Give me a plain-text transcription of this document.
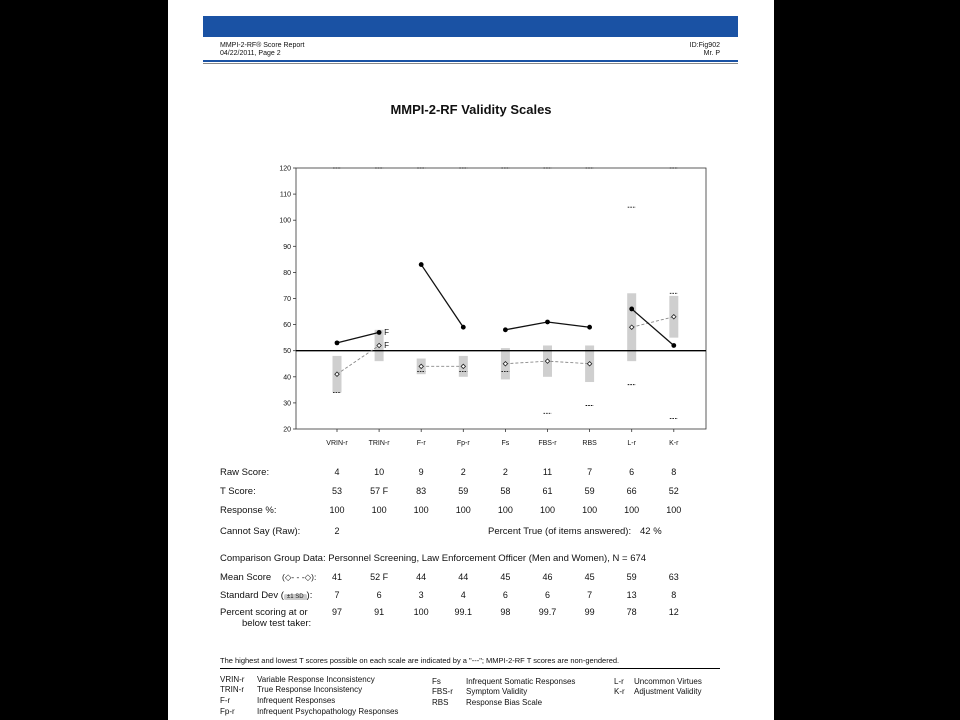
MMPI-2-RF® Score Report
04/22/2011, Page 2
ID:Fig902
Mr. P
MMPI-2-RF Validity Scales
20
30
40
50
60
70
80
90
100
110
120
VRIN-r	TRIN-r	F-r	Fp-r	Fs	FBS-r	RBS	L-r	K-r
F
F
Raw Score:	4	10	9	2	2	11	7	6	8
T Score:	53	57 F	83	59	58	61	59	66	52
Response %:	100	100	100	100	100	100	100	100	100
Cannot Say (Raw):	2	Percent True (of items answered): 42 %
Comparison Group Data: Personnel Screening, Law Enforcement Officer (Men and Women), N = 674
Mean Score (◇- - -◇):	41	52 F	44	44	45	46	45	59	63
Standard Dev ( ±1 SD ):	7	6	3	4	6	6	7	13	8
Percent scoring at or
below test taker:
97	91	100	99.1	98	99.7	99	78	12
The highest and lowest T scores possible on each scale are indicated by a "---"; MMPI-2-RF T scores are non-gendered.
VRIN-r Variable Response Inconsistency
TRIN-r True Response Inconsistency
F-r	Infrequent Responses
Fp-r	Infrequent Psychopathology Responses
Fs	Infrequent Somatic Responses
FBS-r Symptom Validity
RBS Response Bias Scale
L-r Uncommon Virtues
K-r Adjustment Validity
